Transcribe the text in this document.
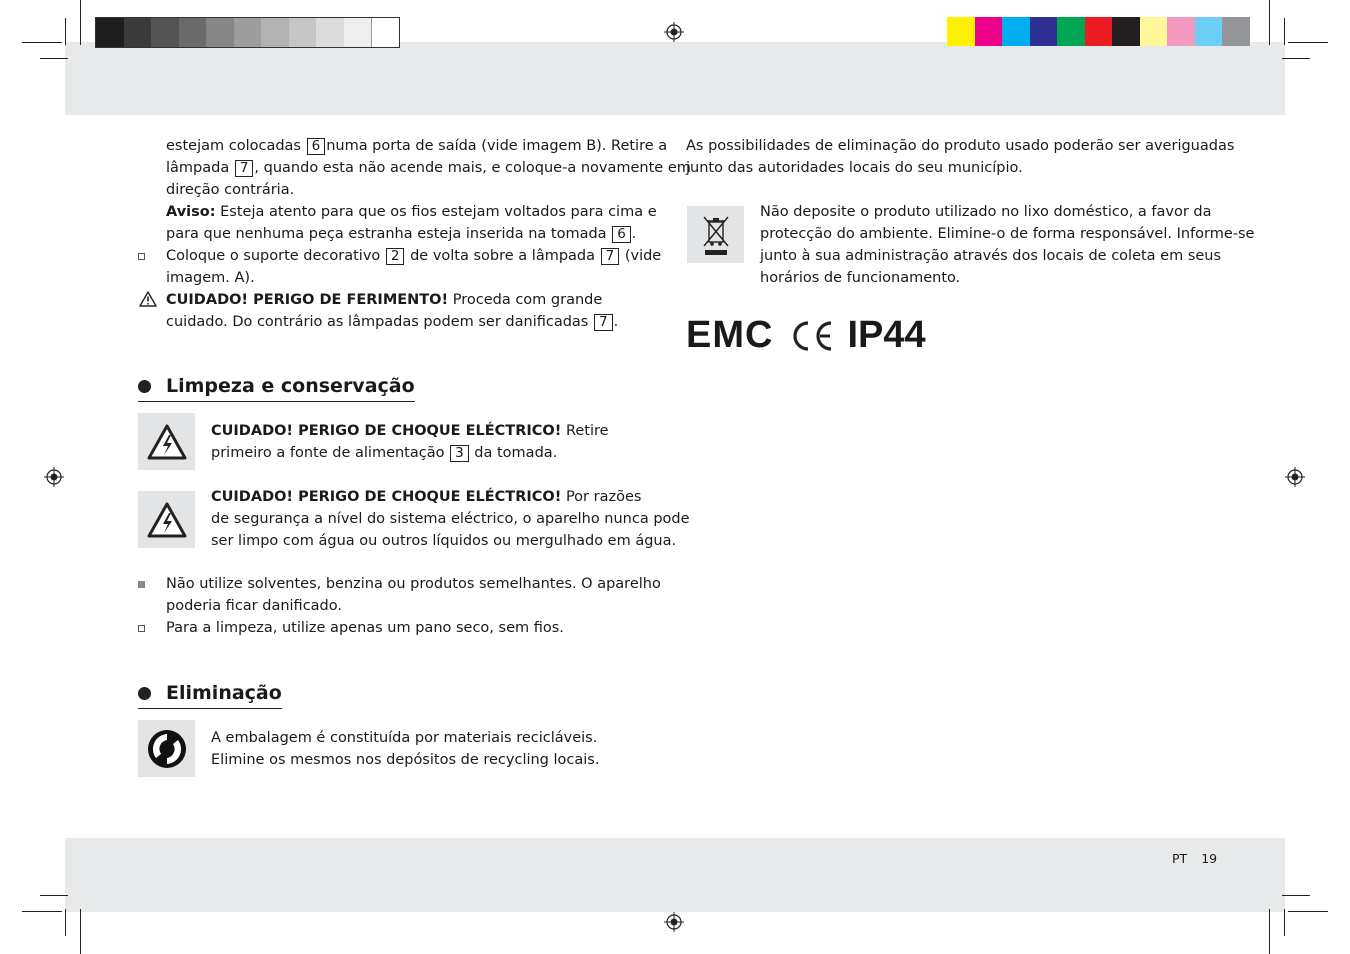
estejam colocadas 6 numa porta de saída (vide imagem B). Retire a
lâmpada 7 , quando esta não acende mais, e coloque-a novamente em
direção contrária.
Aviso: Esteja atento para que os fios estejam voltados para cima e
para que nenhuma peça estranha esteja inserida na tomada 6 .
Coloque o suporte decorativo 2 de volta sobre a lâmpada 7 (vide
imagem. A).
CUIDADO! PERIGO DE FERIMENTO! Proceda com grande
cuidado. Do contrário as lâmpadas podem ser danificadas 7 .
Limpeza e conservação
CUIDADO! PERIGO DE CHOQUE ELÉCTRICO! Retire
primeiro a fonte de alimentação 3 da tomada.
CUIDADO! PERIGO DE CHOQUE ELÉCTRICO! Por razões
de segurança a nível do sistema eléctrico, o aparelho nunca pode
ser limpo com água ou outros líquidos ou mergulhado em água.
Não utilize solventes, benzina ou produtos semelhantes. O aparelho
poderia ficar danificado.
Para a limpeza, utilize apenas um pano seco, sem fios.
Eliminação
A embalagem é constituída por materiais recicláveis.
Elimine os mesmos nos depósitos de recycling locais.
As possibilidades de eliminação do produto usado poderão ser averiguadas
junto das autoridades locais do seu município.
Não deposite o produto utilizado no lixo doméstico, a favor da
protecção do ambiente. Elimine-o de forma responsável. Informe-se
junto à sua administração através dos locais de coleta em seus
horários de funcionamento.
EMC IP44
PT 19
